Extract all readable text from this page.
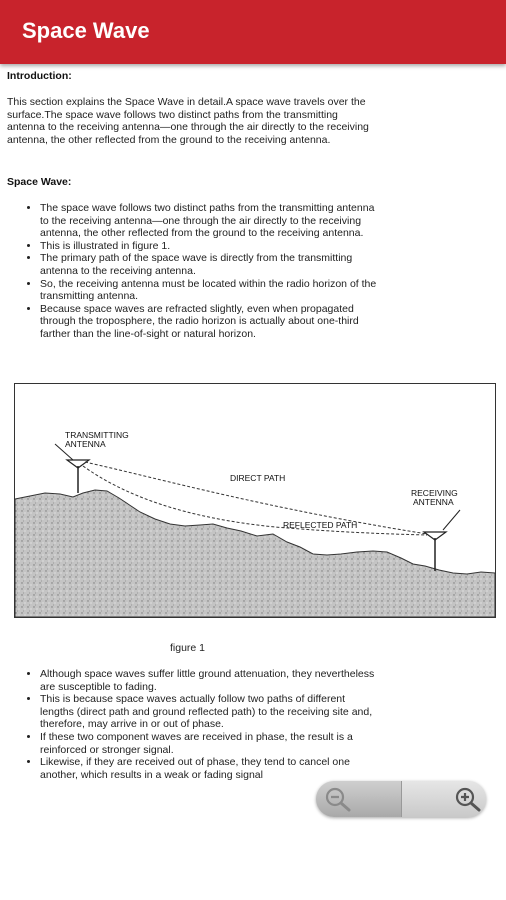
Space Wave
Introduction:
This section explains the Space Wave in detail.A space wave travels over the surface.The space wave follows two distinct paths from the transmitting antenna to the receiving antenna—one through the air directly to the receiving antenna, the other reflected from the ground to the receiving antenna.
Space Wave:
• The space wave follows two distinct paths from the transmitting antenna to the receiving antenna—one through the air directly to the receiving antenna, the other reflected from the ground to the receiving antenna.
• This is illustrated in figure 1.
• The primary path of the space wave is directly from the transmitting antenna to the receiving antenna.
• So, the receiving antenna must be located within the radio horizon of the transmitting antenna.
• Because space waves are refracted slightly, even when propagated through the troposphere, the radio horizon is actually about one-third farther than the line-of-sight or natural horizon.
TRANSMITTING
ANTENNA
DIRECT PATH
REFLECTED PATH
RECEIVING
ANTENNA
figure 1
• Although space waves suffer little ground attenuation, they nevertheless are susceptible to fading.
• This is because space waves actually follow two paths of different lengths (direct path and ground reflected path) to the receiving site and, therefore, may arrive in or out of phase.
• If these two component waves are received in phase, the result is a reinforced or stronger signal.
• Likewise, if they are received out of phase, they tend to cancel one another, which results in a weak or fading signal
